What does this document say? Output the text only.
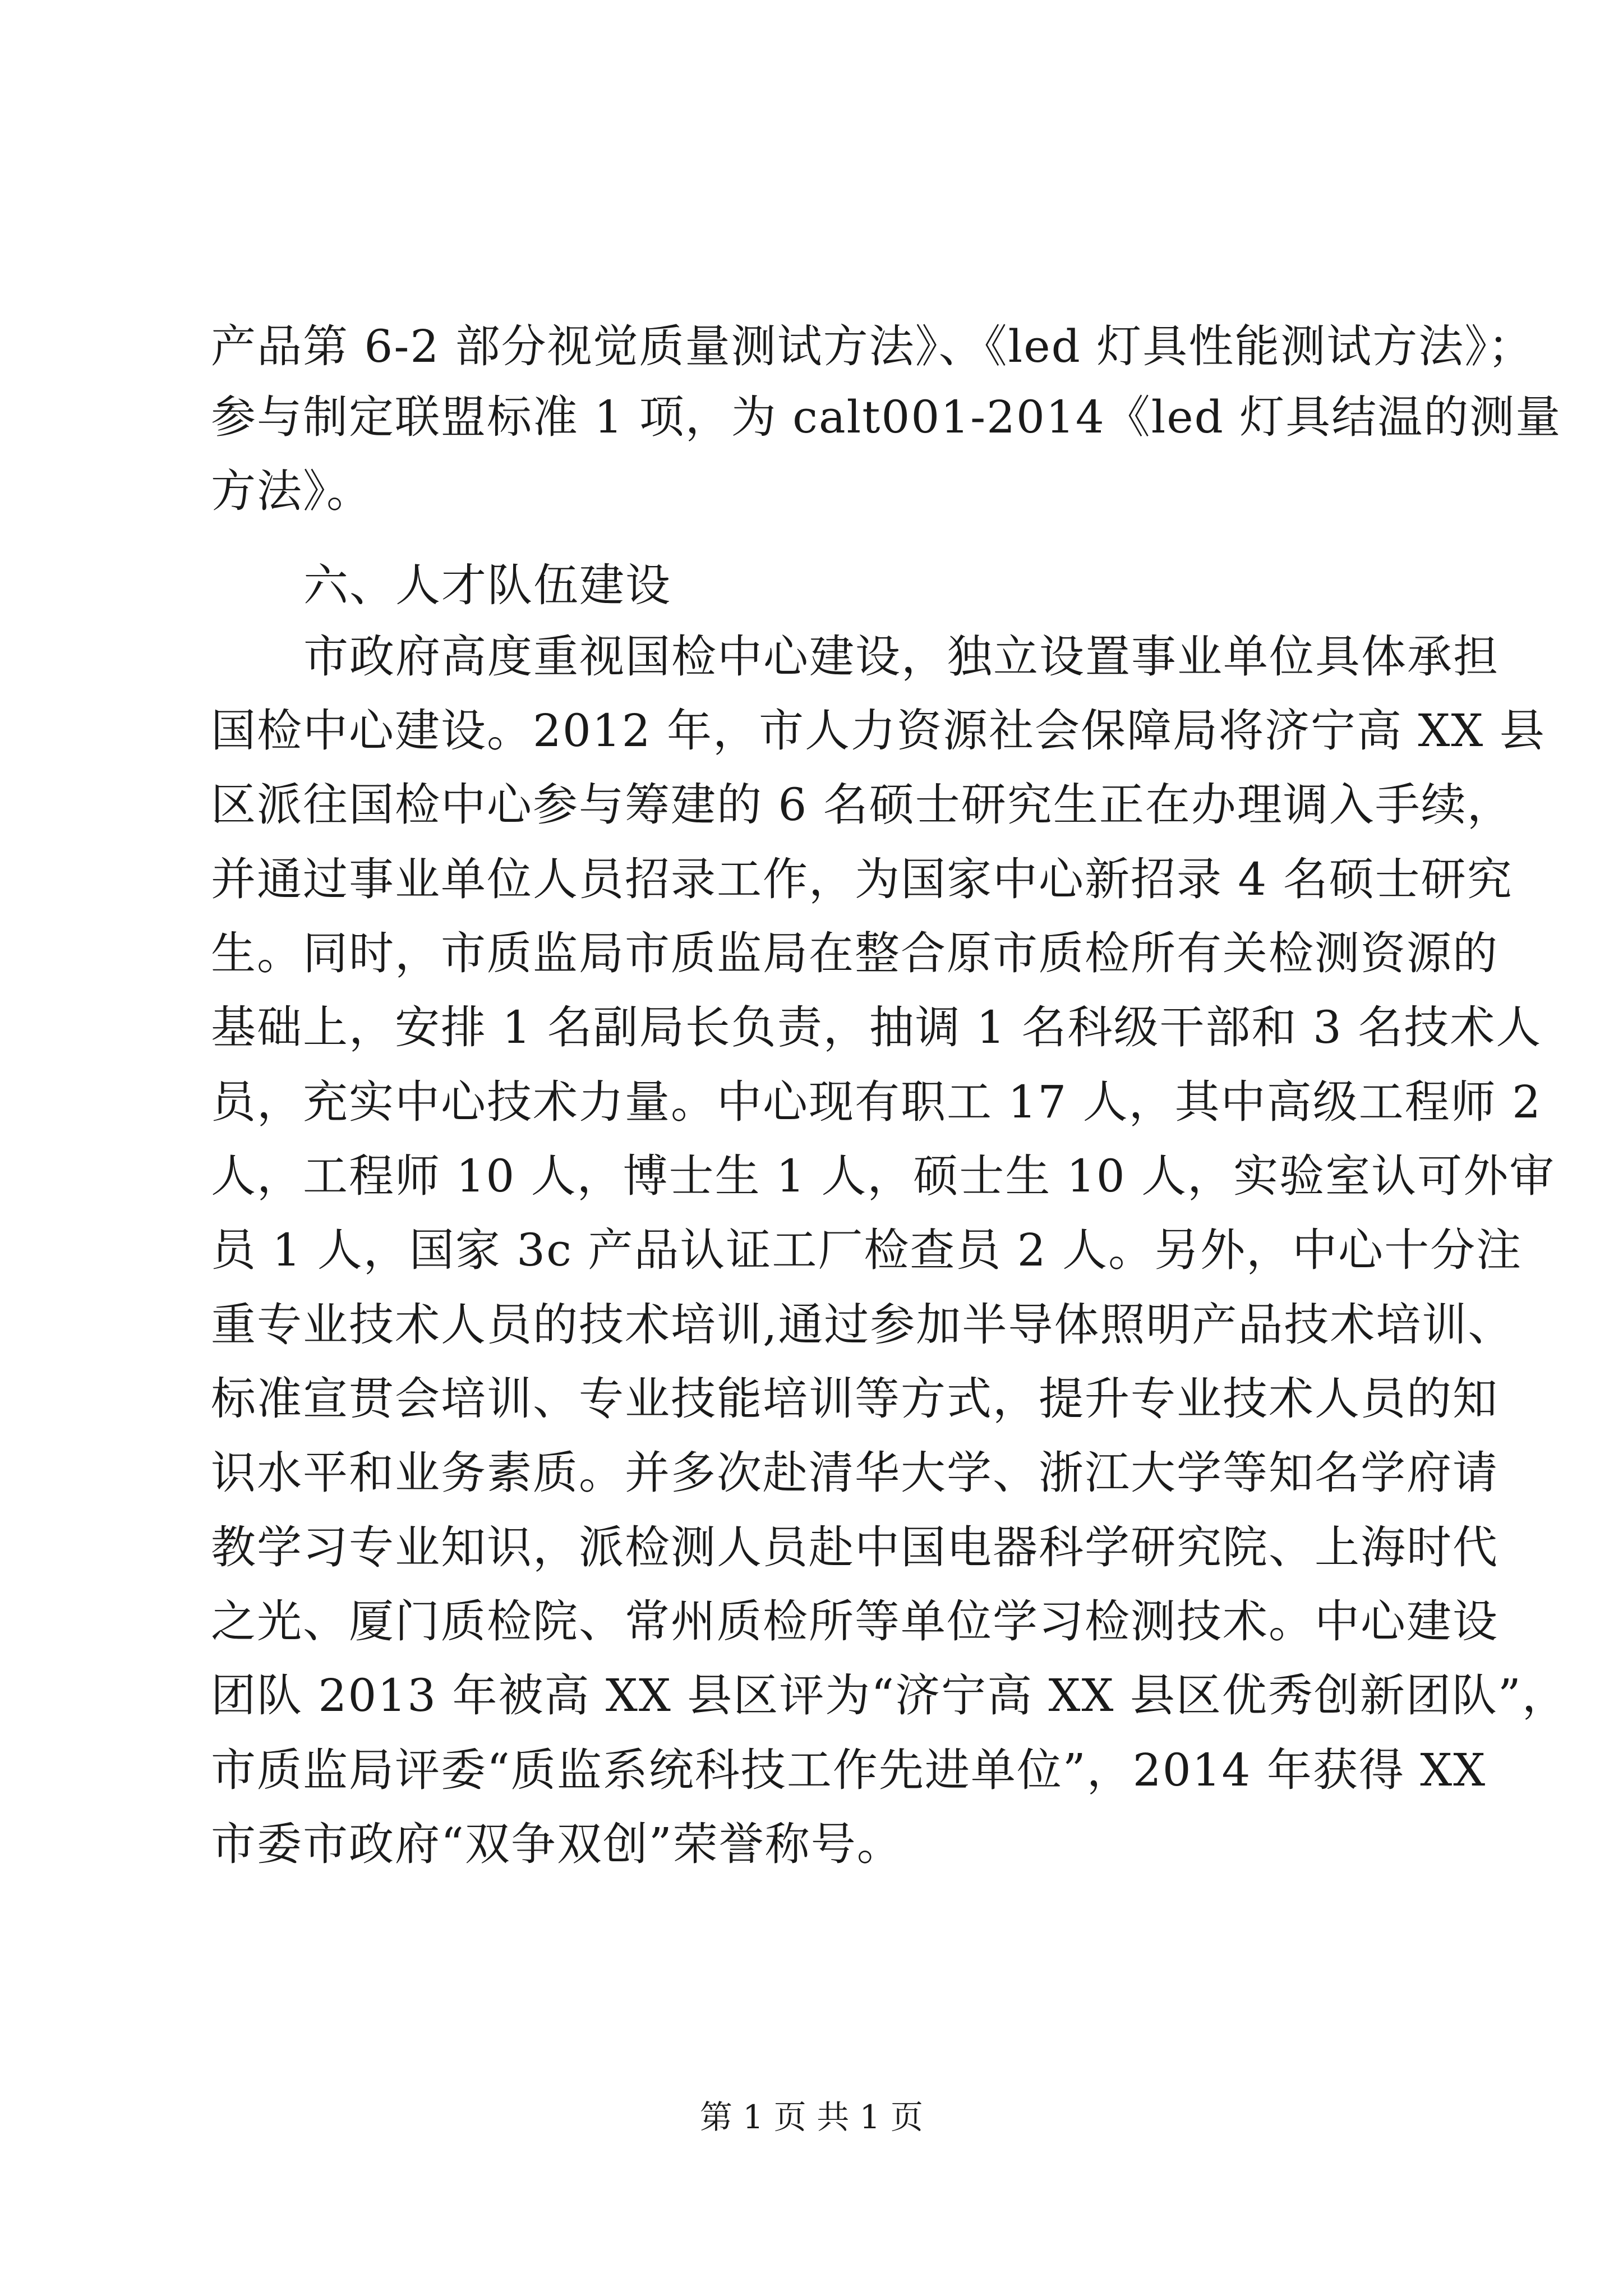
产品第 6-2 部分视觉质量测试方法》、《led 灯具性能测试方法》；
参与制定联盟标准 1 项，为 calt001-2014《led 灯具结温的测量
方法》。
六、人才队伍建设
市政府高度重视国检中心建设，独立设置事业单位具体承担
国检中心建设。2012 年，市人力资源社会保障局将济宁高 XX 县
区派往国检中心参与筹建的 6 名硕士研究生正在办理调入手续，
并通过事业单位人员招录工作，为国家中心新招录 4 名硕士研究
生。同时，市质监局市质监局在整合原市质检所有关检测资源的
基础上，安排 1 名副局长负责，抽调 1 名科级干部和 3 名技术人
员，充实中心技术力量。中心现有职工 17 人，其中高级工程师 2
人，工程师 10 人，博士生 1 人，硕士生 10 人，实验室认可外审
员 1 人，国家 3c 产品认证工厂检查员 2 人。另外，中心十分注
重专业技术人员的技术培训,通过参加半导体照明产品技术培训、
标准宣贯会培训、专业技能培训等方式，提升专业技术人员的知
识水平和业务素质。并多次赴清华大学、浙江大学等知名学府请
教学习专业知识，派检测人员赴中国电器科学研究院、上海时代
之光、厦门质检院、常州质检所等单位学习检测技术。中心建设
团队 2013 年被高 XX 县区评为“济宁高 XX 县区优秀创新团队”，
市质监局评委“质监系统科技工作先进单位”，2014 年获得 XX
市委市政府“双争双创”荣誉称号。
第 1 页 共 1 页
